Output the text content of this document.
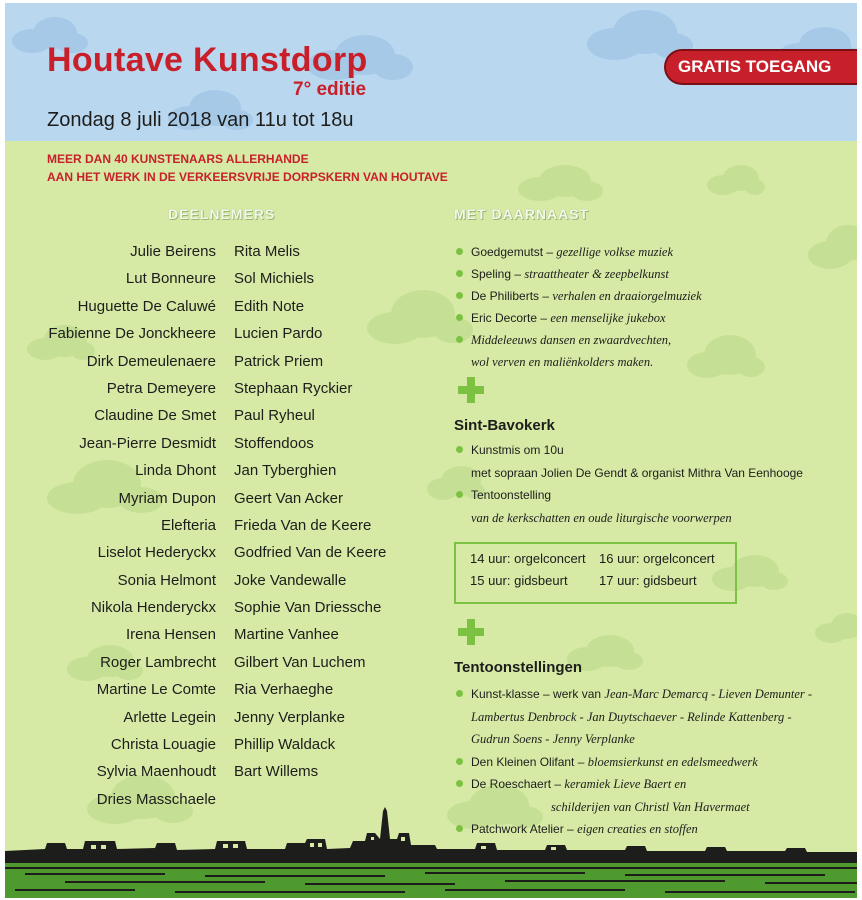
Houtave Kunstdorp
7° editie
Zondag 8 juli 2018 van 11u tot 18u
GRATIS TOEGANG
MEER DAN 40 KUNSTENAARS ALLERHANDE
AAN HET WERK IN DE VERKEERSVRIJE DORPSKERN VAN HOUTAVE
DEELNEMERS	MET DAARNAAST
Julie Beirens
Lut Bonneure
Huguette De Caluwé
Fabienne De Jonckheere
Dirk Demeulenaere
Petra Demeyere
Claudine De Smet
Jean-Pierre Desmidt
Linda Dhont
Myriam Dupon
Elefteria
Liselot Hederyckx
Sonia Helmont
Nikola Henderyckx
Irena Hensen
Roger Lambrecht
Martine Le Comte
Arlette Legein
Christa Louagie
Sylvia Maenhoudt
Dries Masschaele
Rita Melis
Sol Michiels
Edith Note
Lucien Pardo
Patrick Priem
Stephaan Ryckier
Paul Ryheul
Stoffendoos
Jan Tyberghien
Geert Van Acker
Frieda Van de Keere
Godfried Van de Keere
Joke Vandewalle
Sophie Van Driessche
Martine Vanhee
Gilbert Van Luchem
Ria Verhaeghe
Jenny Verplanke
Phillip Waldack
Bart Willems
Goedgemutst – gezellige volkse muziek
Speling – straattheater & zeepbelkunst
De Philiberts – verhalen en draaiorgelmuziek
Eric Decorte – een menselijke jukebox
Middeleeuws dansen en zwaardvechten,
wol verven en maliënkolders maken.
Sint-Bavokerk
Kunstmis om 10u
met sopraan Jolien De Gendt & organist Mithra Van Eenhooge
Tentoonstelling
van de kerkschatten en oude liturgische voorwerpen
14 uur: orgelconcert 16 uur: orgelconcert
15 uur: gidsbeurt 17 uur: gidsbeurt
Tentoonstellingen
Kunst-klasse – werk van Jean-Marc Demarcq - Lieven Demunter -
Lambertus Denbrock - Jan Duytschaever - Relinde Kattenberg -
Gudrun Soens - Jenny Verplanke
Den Kleinen Olifant – bloemsierkunst en edelsmeedwerk
De Roeschaert – keramiek Lieve Baert en
schilderijen van Christl Van Havermaet
Patchwork Atelier – eigen creaties en stoffen
